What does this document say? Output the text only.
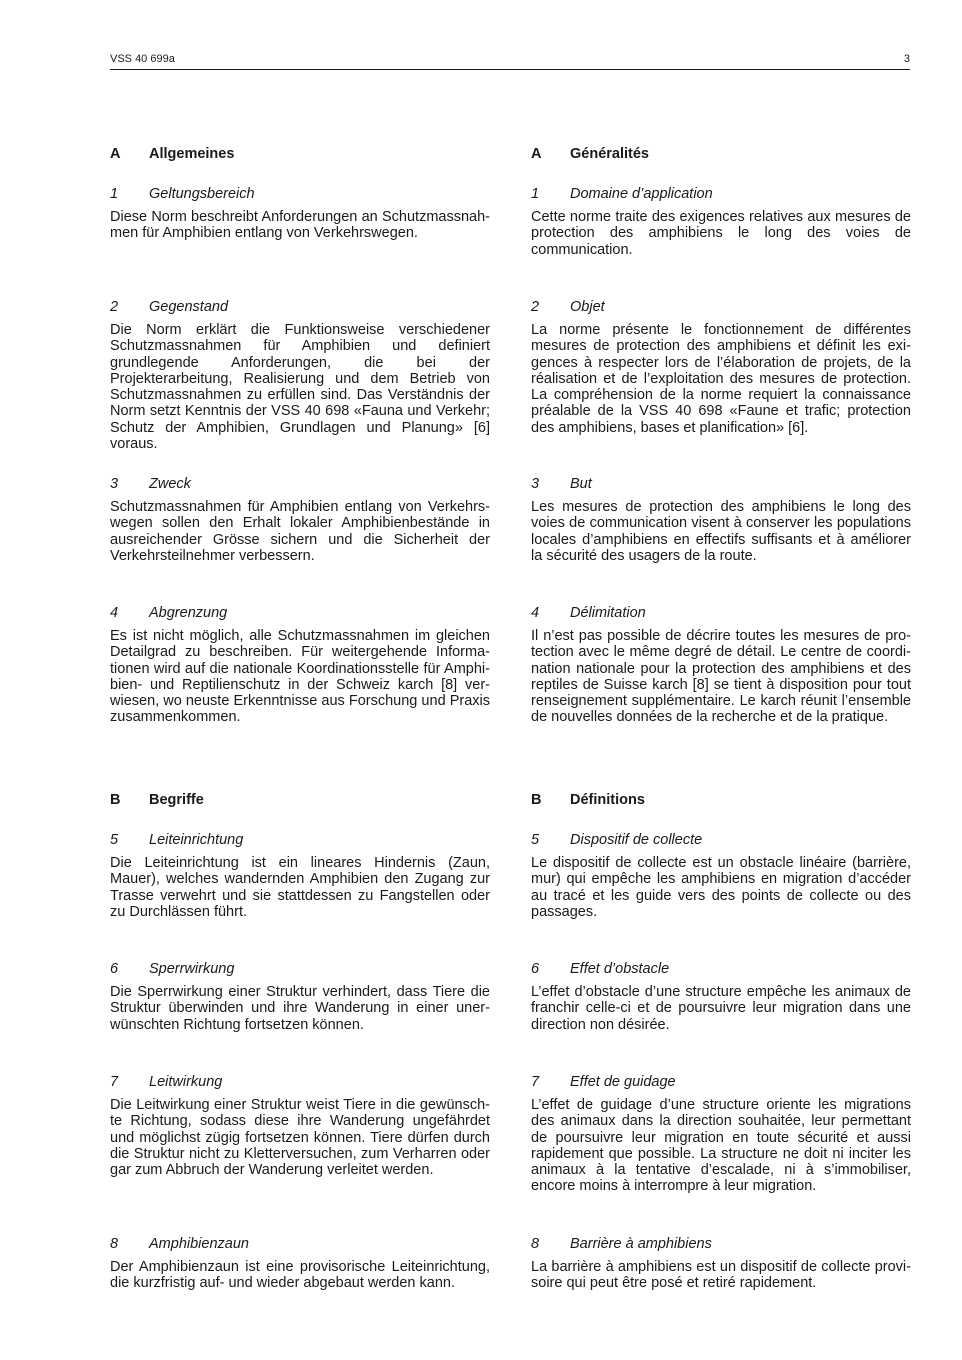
VSS 40 699a	3
A Allgemeines
1 Geltungsbereich
Diese Norm beschreibt Anforderungen an Schutzmassnahmen für Amphibien entlang von Verkehrswegen.
2 Gegenstand
Die Norm erklärt die Funktionsweise verschiedener Schutzmassnahmen für Amphibien und definiert grundlegende Anforderungen, die bei der Projekterarbeitung, Realisierung und dem Betrieb von Schutzmassnahmen zu erfüllen sind. Das Verständnis der Norm setzt Kenntnis der VSS 40 698 «Fauna und Verkehr; Schutz der Amphibien, Grundlagen und Planung» [6] voraus.
3 Zweck
Schutzmassnahmen für Amphibien entlang von Verkehrswegen sollen den Erhalt lokaler Amphibienbestände in ausreichender Grösse sichern und die Sicherheit der Verkehrsteilnehmer verbessern.
4 Abgrenzung
Es ist nicht möglich, alle Schutzmassnahmen im gleichen Detailgrad zu beschreiben. Für weitergehende Informationen wird auf die nationale Koordinationsstelle für Amphibien- und Reptilienschutz in der Schweiz karch [8] verwiesen, wo neuste Erkenntnisse aus Forschung und Praxis zusammenkommen.
B Begriffe
5 Leiteinrichtung
Die Leiteinrichtung ist ein lineares Hindernis (Zaun, Mauer), welches wandernden Amphibien den Zugang zur Trasse verwehrt und sie stattdessen zu Fangstellen oder zu Durchlässen führt.
6 Sperrwirkung
Die Sperrwirkung einer Struktur verhindert, dass Tiere die Struktur überwinden und ihre Wanderung in einer unerwünschten Richtung fortsetzen können.
7 Leitwirkung
Die Leitwirkung einer Struktur weist Tiere in die gewünschte Richtung, sodass diese ihre Wanderung ungefährdet und möglichst zügig fortsetzen können. Tiere dürfen durch die Struktur nicht zu Kletterversuchen, zum Verharren oder gar zum Abbruch der Wanderung verleitet werden.
8 Amphibienzaun
Der Amphibienzaun ist eine provisorische Leiteinrichtung, die kurzfristig auf- und wieder abgebaut werden kann.
A Généralités
1 Domaine d’application
Cette norme traite des exigences relatives aux mesures de protection des amphibiens le long des voies de communication.
2 Objet
La norme présente le fonctionnement de différentes mesures de protection des amphibiens et définit les exigences à respecter lors de l’élaboration de projets, de la réalisation et de l’exploitation des mesures de protection. La compréhension de la norme requiert la connaissance préalable de la VSS 40 698 «Faune et trafic; protection des amphibiens, bases et planification» [6].
3 But
Les mesures de protection des amphibiens le long des voies de communication visent à conserver les populations locales d’amphibiens en effectifs suffisants et à améliorer la sécurité des usagers de la route.
4 Délimitation
Il n’est pas possible de décrire toutes les mesures de protection avec le même degré de détail. Le centre de coordination nationale pour la protection des amphibiens et des reptiles de Suisse karch [8] se tient à disposition pour tout renseignement supplémentaire. Le karch réunit l’ensemble de nouvelles données de la recherche et de la pratique.
B Définitions
5 Dispositif de collecte
Le dispositif de collecte est un obstacle linéaire (barrière, mur) qui empêche les amphibiens en migration d’accéder au tracé et les guide vers des points de collecte ou des passages.
6 Effet d’obstacle
L’effet d’obstacle d’une structure empêche les animaux de franchir celle-ci et de poursuivre leur migration dans une direction non désirée.
7 Effet de guidage
L’effet de guidage d’une structure oriente les migrations des animaux dans la direction souhaitée, leur permettant de poursuivre leur migration en toute sécurité et aussi rapidement que possible. La structure ne doit ni inciter les animaux à la tentative d’escalade, ni à s’immobiliser, encore moins à interrompre à leur migration.
8 Barrière à amphibiens
La barrière à amphibiens est un dispositif de collecte provisoire qui peut être posé et retiré rapidement.
